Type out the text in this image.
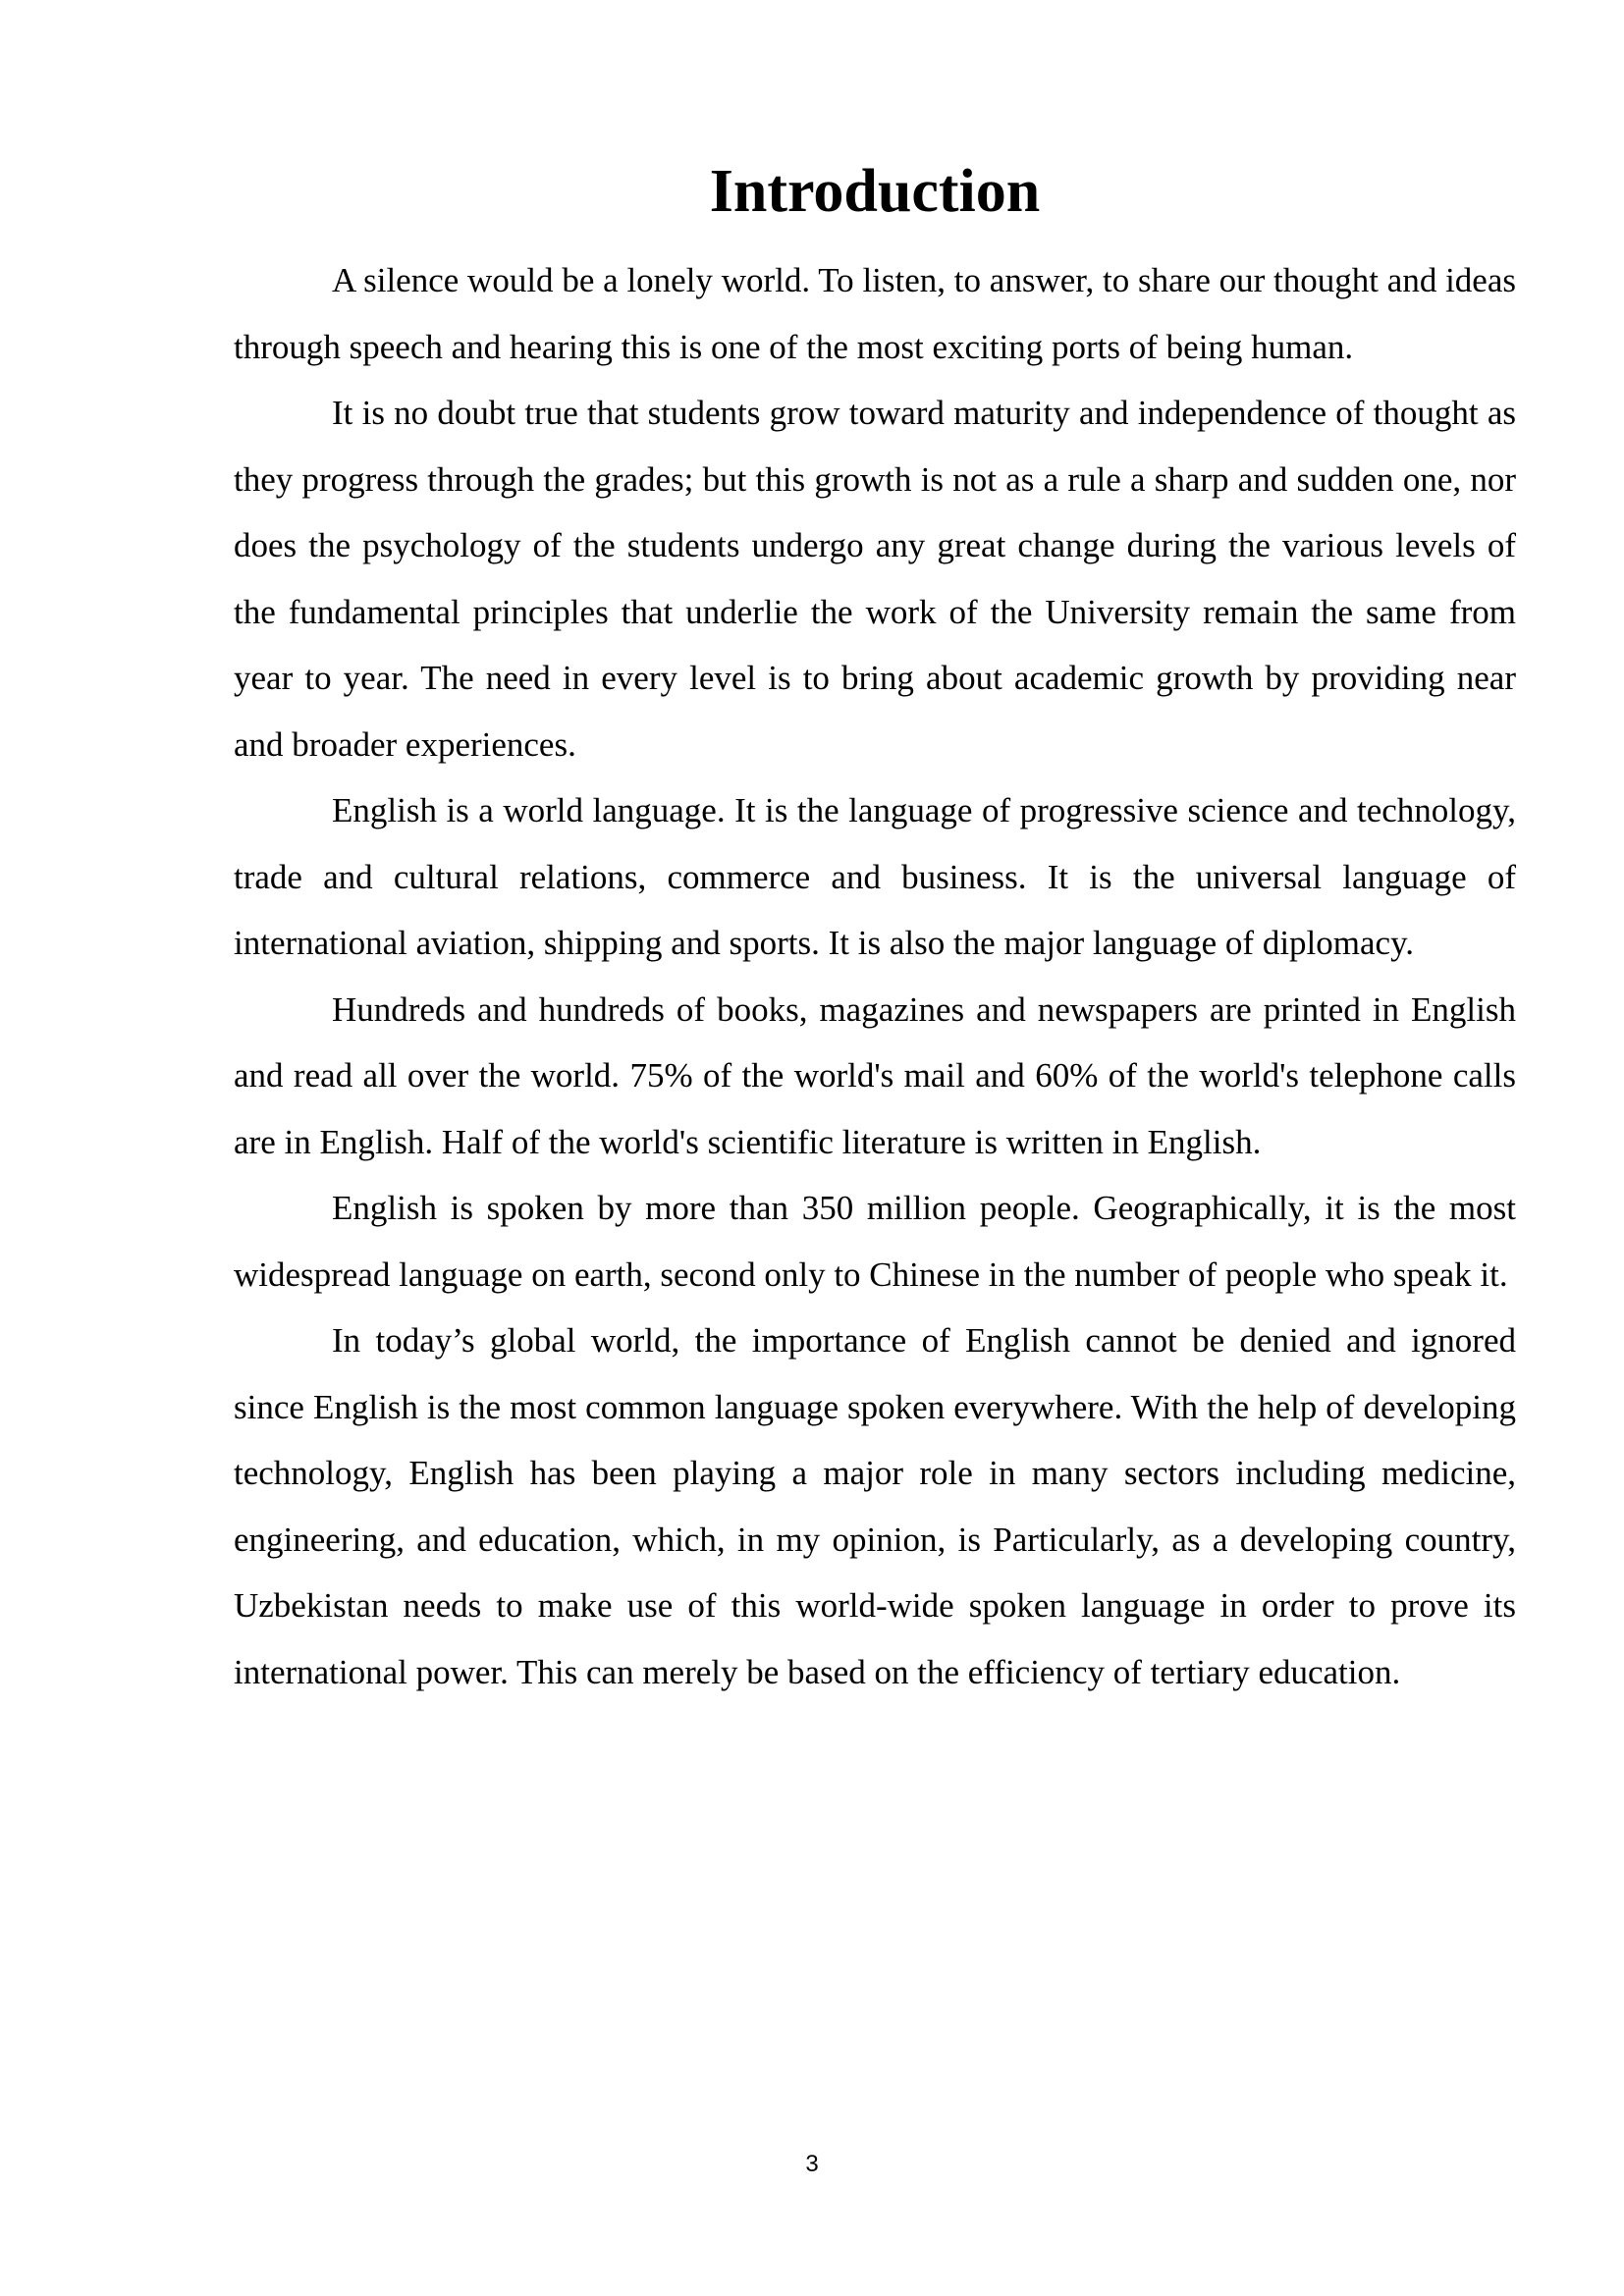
Introduction

A silence would be a lonely world. To listen, to answer, to share our thought and ideas through speech and hearing this is one of the most exciting ports of being human.

It is no doubt true that students grow toward maturity and independence of thought as they progress through the grades; but this growth is not as a rule a sharp and sudden one, nor does the psychology of the students undergo any great change during the various levels of the fundamental principles that underlie the work of the University remain the same from year to year. The need in every level is to bring about academic growth by providing near and broader experiences.

English is a world language. It is the language of progressive science and technology, trade and cultural relations, commerce and business. It is the universal language of international aviation, shipping and sports. It is also the major language of diplomacy.

Hundreds and hundreds of books, magazines and newspapers are printed in English and read all over the world. 75% of the world's mail and 60% of the world's telephone calls are in English. Half of the world's scientific literature is written in English.

English is spoken by more than 350 million people. Geographically, it is the most widespread language on earth, second only to Chinese in the number of people who speak it.

In today’s global world, the importance of English cannot be denied and ignored since English is the most common language spoken everywhere. With the help of developing technology, English has been playing a major role in many sectors including medicine, engineering, and education, which, in my opinion, is Particularly, as a developing country, Uzbekistan needs to make use of this world-wide spoken language in order to prove its international power. This can merely be based on the efficiency of tertiary education.

3
